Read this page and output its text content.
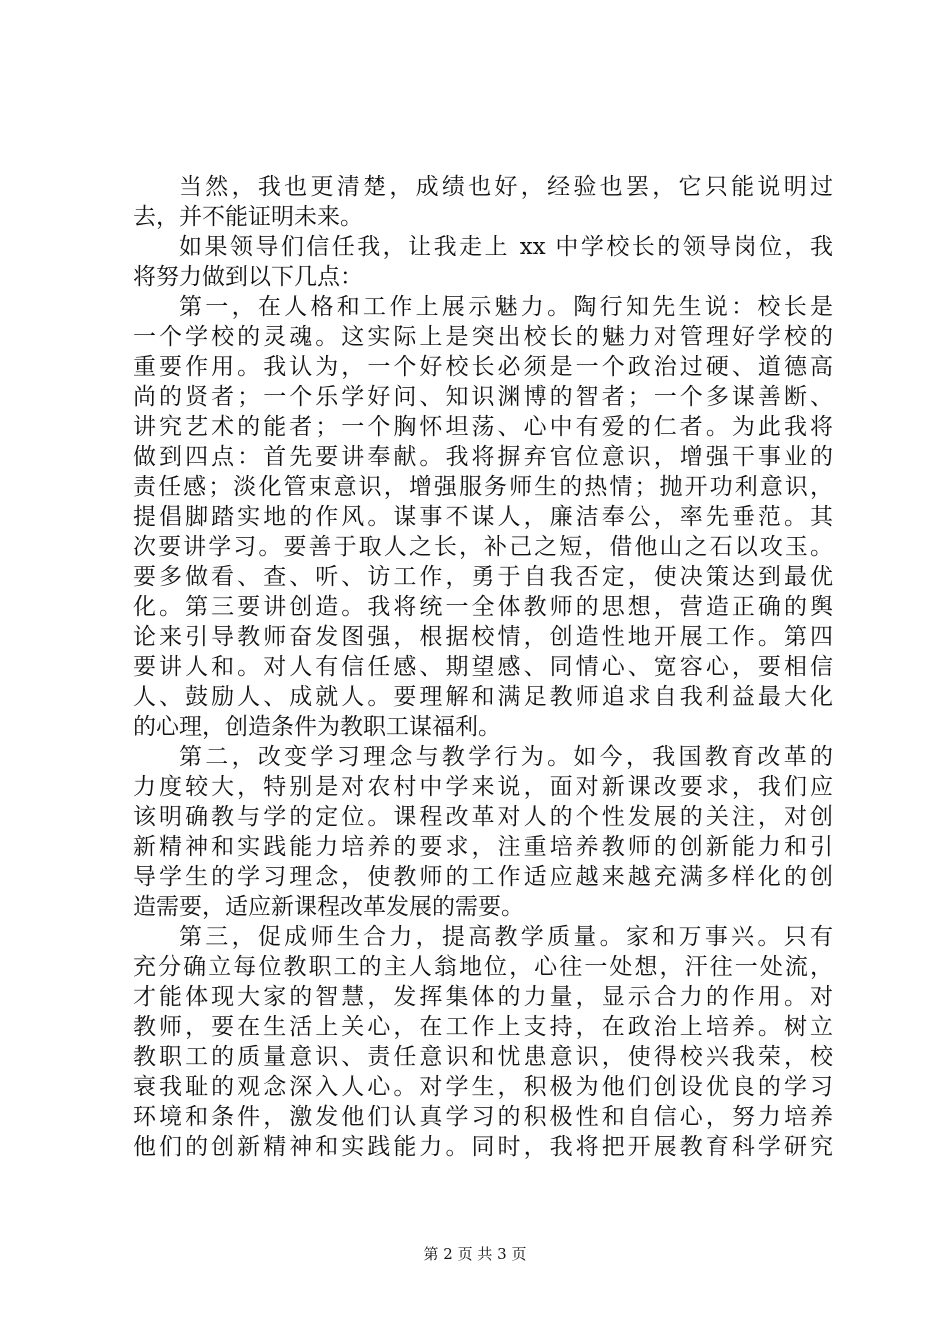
当然，我也更清楚，成绩也好，经验也罢，它只能说明过
去，并不能证明未来。
如果领导们信任我，让我走上 xx 中学校长的领导岗位，我
将努力做到以下几点：
第一，在人格和工作上展示魅力。陶行知先生说：校长是
一个学校的灵魂。这实际上是突出校长的魅力对管理好学校的
重要作用。我认为，一个好校长必须是一个政治过硬、道德高
尚的贤者；一个乐学好问、知识渊博的智者；一个多谋善断、
讲究艺术的能者；一个胸怀坦荡、心中有爱的仁者。为此我将
做到四点：首先要讲奉献。我将摒弃官位意识，增强干事业的
责任感；淡化管束意识，增强服务师生的热情；抛开功利意识，
提倡脚踏实地的作风。谋事不谋人，廉洁奉公，率先垂范。其
次要讲学习。要善于取人之长，补己之短，借他山之石以攻玉。
要多做看、查、听、访工作，勇于自我否定，使决策达到最优
化。第三要讲创造。我将统一全体教师的思想，营造正确的舆
论来引导教师奋发图强，根据校情，创造性地开展工作。第四
要讲人和。对人有信任感、期望感、同情心、宽容心，要相信
人、鼓励人、成就人。要理解和满足教师追求自我利益最大化
的心理，创造条件为教职工谋福利。
第二，改变学习理念与教学行为。如今，我国教育改革的
力度较大，特别是对农村中学来说，面对新课改要求，我们应
该明确教与学的定位。课程改革对人的个性发展的关注，对创
新精神和实践能力培养的要求，注重培养教师的创新能力和引
导学生的学习理念，使教师的工作适应越来越充满多样化的创
造需要，适应新课程改革发展的需要。
第三，促成师生合力，提高教学质量。家和万事兴。只有
充分确立每位教职工的主人翁地位，心往一处想，汗往一处流，
才能体现大家的智慧，发挥集体的力量，显示合力的作用。对
教师，要在生活上关心，在工作上支持，在政治上培养。树立
教职工的质量意识、责任意识和忧患意识，使得校兴我荣，校
衰我耻的观念深入人心。对学生，积极为他们创设优良的学习
环境和条件，激发他们认真学习的积极性和自信心，努力培养
他们的创新精神和实践能力。同时，我将把开展教育科学研究
第 2 页 共 3 页
